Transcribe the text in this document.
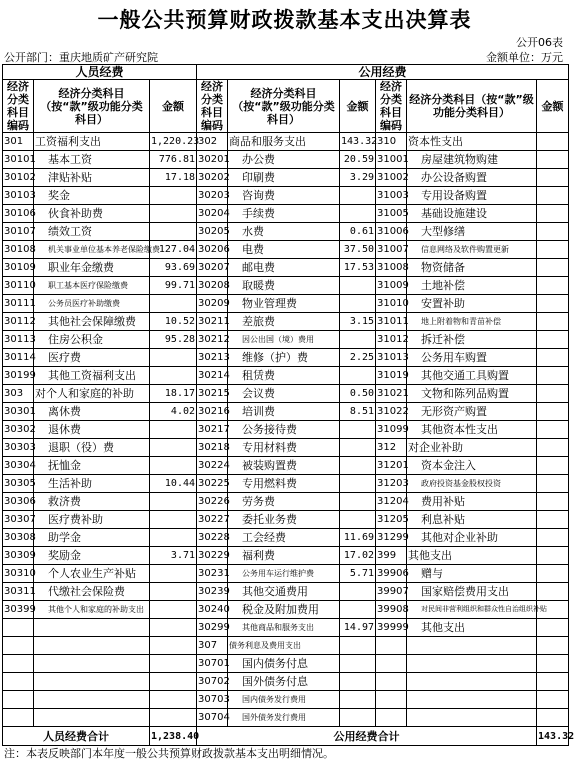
一般公共预算财政拨款基本支出决算表
公开06表
公开部门：重庆地质矿产研究院	金额单位：万元
人员经费			公用经费					
经济分类科目编码	经济分类科目（按“款”级功能分类科目）	金额	经济分类科目编码	经济分类科目（按“款”级功能分类科目）	金额	经济分类科目编码	经济分类科目（按“款”级功能分类科目）	金额
301	工资福利支出	1,220.23	302	商品和服务支出	143.32	310	资本性支出	
30101	基本工资	776.81	30201	办公费	20.59	31001	房屋建筑物购建	
30102	津贴补贴	17.18	30202	印刷费	3.29	31002	办公设备购置	
30103	奖金		30203	咨询费		31003	专用设备购置	
30106	伙食补助费		30204	手续费		31005	基础设施建设	
30107	绩效工资		30205	水费	0.61	31006	大型修缮	
30108	机关事业单位基本养老保险缴费	127.04	30206	电费	37.50	31007	信息网络及软件购置更新	
30109	职业年金缴费	93.69	30207	邮电费	17.53	31008	物资储备	
30110	职工基本医疗保险缴费	99.71	30208	取暖费		31009	土地补偿	
30111	公务员医疗补助缴费		30209	物业管理费		31010	安置补助	
30112	其他社会保障缴费	10.52	30211	差旅费	3.15	31011	地上附着物和青苗补偿	
30113	住房公积金	95.28	30212	因公出国（境）费用		31012	拆迁补偿	
30114	医疗费		30213	维修（护）费	2.25	31013	公务用车购置	
30199	其他工资福利支出		30214	租赁费		31019	其他交通工具购置	
303	对个人和家庭的补助	18.17	30215	会议费	0.50	31021	文物和陈列品购置	
30301	离休费	4.02	30216	培训费	8.51	31022	无形资产购置	
30302	退休费		30217	公务接待费		31099	其他资本性支出	
30303	退职（役）费		30218	专用材料费		312	对企业补助	
30304	抚恤金		30224	被装购置费		31201	资本金注入	
30305	生活补助	10.44	30225	专用燃料费		31203	政府投资基金股权投资	
30306	救济费		30226	劳务费		31204	费用补贴	
30307	医疗费补助		30227	委托业务费		31205	利息补贴	
30308	助学金		30228	工会经费	11.69	31299	其他对企业补助	
30309	奖励金	3.71	30229	福利费	17.02	399	其他支出	
30310	个人农业生产补贴		30231	公务用车运行维护费	5.71	39906	赠与	
30311	代缴社会保险费		30239	其他交通费用		39907	国家赔偿费用支出	
30399	其他个人和家庭的补助支出		30240	税金及附加费用		39908	对民间非营利组织和群众性自治组织补贴	
			30299	其他商品和服务支出	14.97	39999	其他支出	
			307	债务利息及费用支出				
			30701	国内债务付息				
			30702	国外债务付息				
			30703	国内债务发行费用				
			30704	国外债务发行费用				
人员经费合计		1,238.40	公用经费合计					143.32
注：本表反映部门本年度一般公共预算财政拨款基本支出明细情况。
